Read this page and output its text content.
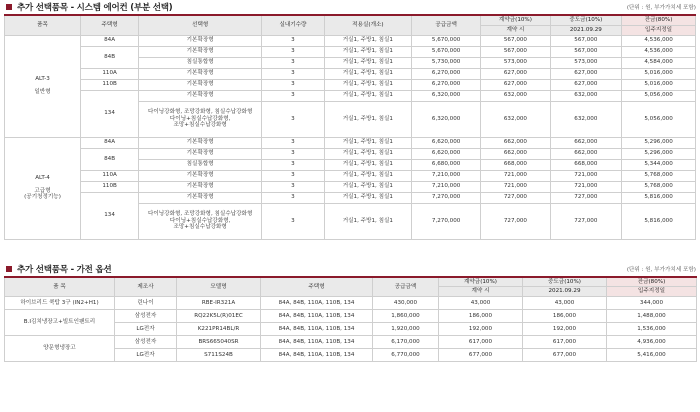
추가 선택품목 - 시스템 에어컨 (부분 선택)	(단위 : 원, 부가가치세 포함)
품목	주택형	선택형	실내기수량	적용실(개소)	공급금액	계약금(10%)	중도금(10%)	잔금(80%)
						계약 시	2021.09.29	입주지정일

ALT-3
일반형	84A	기본확장형	3	거실1, 주방1, 침실1	5,670,000	567,000	567,000	4,536,000
	84B	기본확장형	3	거실1, 주방1, 침실1	5,670,000	567,000	567,000	4,536,000
		침실통합형	3	거실1, 주방1, 침실1	5,730,000	573,000	573,000	4,584,000
	110A	기본확장형	3	거실1, 주방1, 침실1	6,270,000	627,000	627,000	5,016,000
	110B	기본확장형	3	거실1, 주방1, 침실1	6,270,000	627,000	627,000	5,016,000
	134	기본확장형	3	거실1, 주방1, 침실1	6,320,000	632,000	632,000	5,056,000
		다이닝강화형, 조망강화형, 침실수납강화형
다이닝+침실수납강화형,
조망+침실수납강화형	3	거실1, 주방1, 침실1	6,320,000	632,000	632,000	5,056,000

ALT-4
고급형
(공기청정기능)	84A	기본확장형	3	거실1, 주방1, 침실1	6,620,000	662,000	662,000	5,296,000
	84B	기본확장형	3	거실1, 주방1, 침실1	6,620,000	662,000	662,000	5,296,000
		침실통합형	3	거실1, 주방1, 침실1	6,680,000	668,000	668,000	5,344,000
	110A	기본확장형	3	거실1, 주방1, 침실1	7,210,000	721,000	721,000	5,768,000
	110B	기본확장형	3	거실1, 주방1, 침실1	7,210,000	721,000	721,000	5,768,000
	134	기본확장형	3	거실1, 주방1, 침실1	7,270,000	727,000	727,000	5,816,000
		다이닝강화형, 조망강화형, 침실수납강화형
다이닝+침실수납강화형,
조망+침실수납강화형	3	거실1, 주방1, 침실1	7,270,000	727,000	727,000	5,816,000
추가 선택품목 - 가전 옵션	(단위 : 원, 부가가치세 포함)
품 목	제조사	모델명	주택형	공급금액	계약금(10%)	중도금(10%)	잔금(80%)
					계약 시	2021.09.29	입주지정일
하이브리드 쿡탑 3구 (IN2+H1)	린나이	RBE-IR321A	84A, 84B, 110A, 110B, 134	430,000	43,000	43,000	344,000
B.I김치냉장고+빌트인팬트리	삼성전자	RQ22K5L(R)01EC	84A, 84B, 110A, 110B, 134	1,860,000	186,000	186,000	1,488,000
	LG전자	K221PR14BL/R	84A, 84B, 110A, 110B, 134	1,920,000	192,000	192,000	1,536,000
양문형냉장고	삼성전자	BRS665040SR	84A, 84B, 110A, 110B, 134	6,170,000	617,000	617,000	4,936,000
	LG전자	S711S24B	84A, 84B, 110A, 110B, 134	6,770,000	677,000	677,000	5,416,000
